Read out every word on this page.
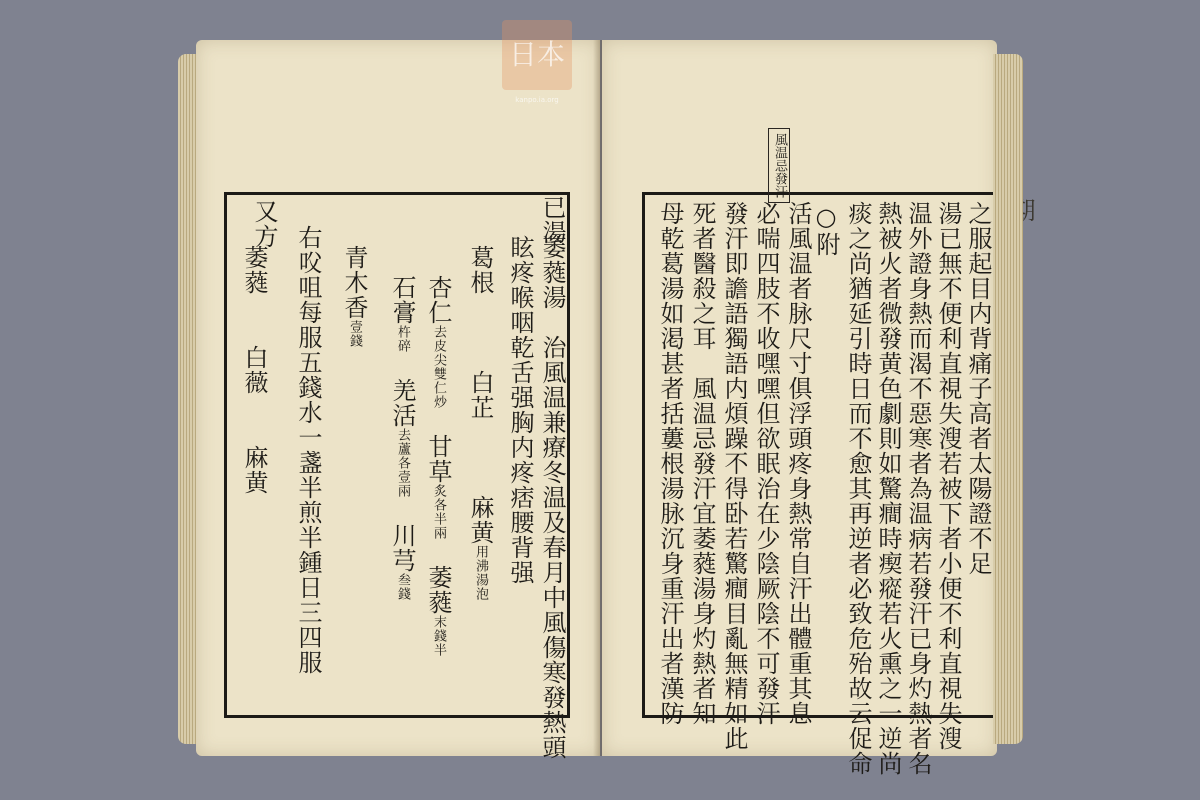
已湯
萎蕤湯　治風温兼療冬温及春月中風傷寒發熱頭
眩疼喉咽乾舌强胸内疼痞腰背强
葛根　　　白芷　　　麻黄用沸湯泡
杏仁去皮尖雙仁炒　甘草炙各半兩　萎蕤末錢半
石膏杵碎　羌活去蘆各壹兩　川芎叁錢
青木香壹錢
右㕮咀每服五錢水一盞半煎半鍾日三四服
又方
萎蕤　　白薇　　麻黄	之服起目内背痛子高者太陽證不足
湯已無不便利直視失溲若被下者小便不利直視失溲
温外證身熱而渴不惡寒者為温病若發汗已身灼熱者名
熱被火者微發黄色劇則如驚癎時瘈瘲若火熏之一逆尚
痰之尚猶延引時日而不愈其再逆者必致危殆故云促命
○附
活風温者脉尺寸俱浮頭疼身熱常自汗出體重其息
必喘四肢不收嘿嘿但欲眠治在少陰厥陰不可發汗
發汗即譫語獨語内煩躁不得卧若驚癎目亂無精如此
死者醫殺之耳　風温忌發汗宜萎蕤湯身灼熱者知
母乾葛湯如渇甚者括蔞根湯脉沉身重汗出者漢防
風温忌發汗
日本
kanpo.ia.org
